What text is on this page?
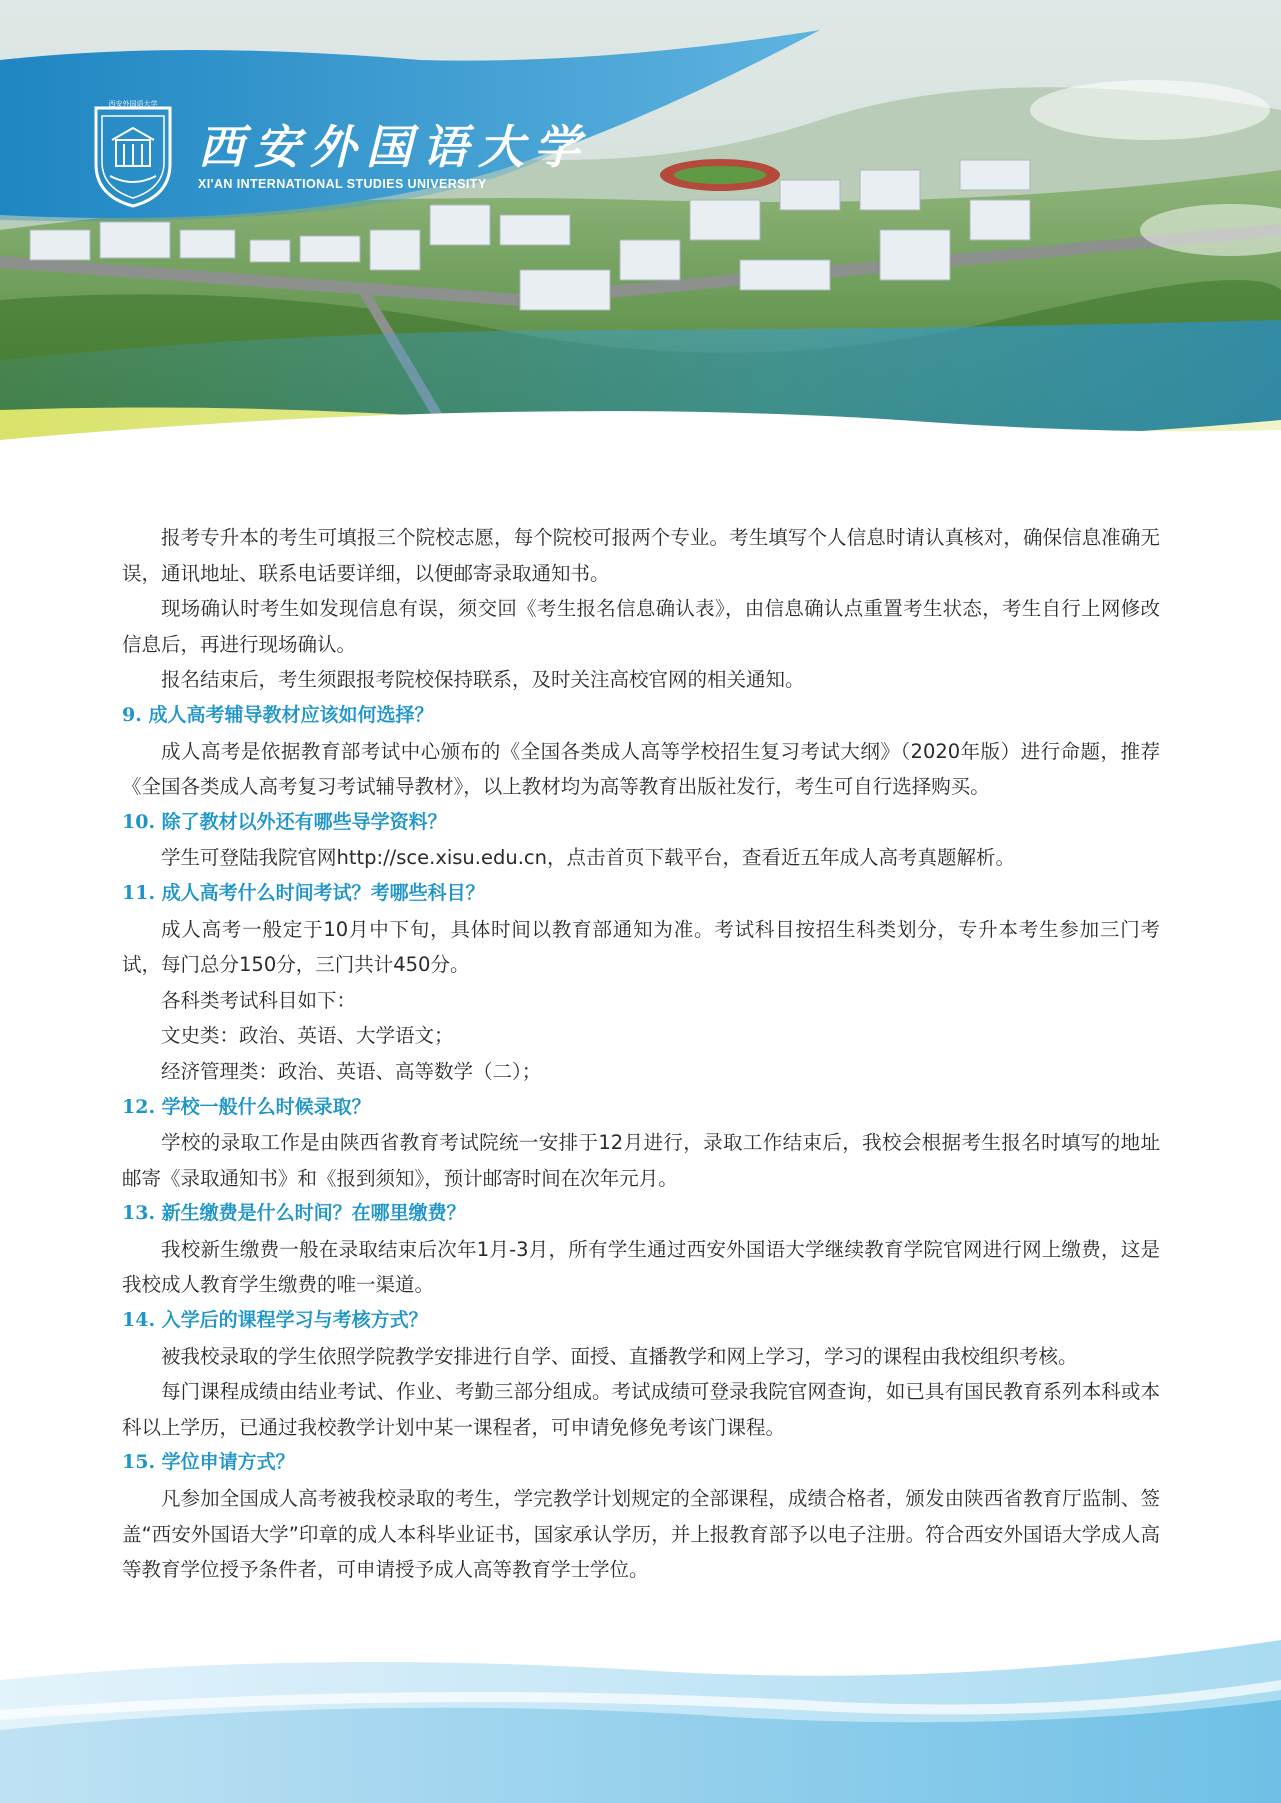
西安外国语大学
西安外国语大学
XI'AN INTERNATIONAL STUDIES UNIVERSITY

报考专升本的考生可填报三个院校志愿，每个院校可报两个专业。考生填写个人信息时请认真核对，确保信息准确无误，通讯地址、联系电话要详细，以便邮寄录取通知书。

现场确认时考生如发现信息有误，须交回《考生报名信息确认表》，由信息确认点重置考生状态，考生自行上网修改信息后，再进行现场确认。

报名结束后，考生须跟报考院校保持联系，及时关注高校官网的相关通知。

9. 成人高考辅导教材应该如何选择？

成人高考是依据教育部考试中心颁布的《全国各类成人高等学校招生复习考试大纲》（2020年版）进行命题，推荐《全国各类成人高考复习考试辅导教材》，以上教材均为高等教育出版社发行，考生可自行选择购买。

10. 除了教材以外还有哪些导学资料？

学生可登陆我院官网http://sce.xisu.edu.cn，点击首页下载平台，查看近五年成人高考真题解析。

11. 成人高考什么时间考试？考哪些科目？

成人高考一般定于10月中下旬，具体时间以教育部通知为准。考试科目按招生科类划分，专升本考生参加三门考试，每门总分150分，三门共计450分。

各科类考试科目如下：

文史类：政治、英语、大学语文；

经济管理类：政治、英语、高等数学（二）；

12. 学校一般什么时候录取？

学校的录取工作是由陕西省教育考试院统一安排于12月进行，录取工作结束后，我校会根据考生报名时填写的地址邮寄《录取通知书》和《报到须知》，预计邮寄时间在次年元月。

13. 新生缴费是什么时间？在哪里缴费？

我校新生缴费一般在录取结束后次年1月-3月，所有学生通过西安外国语大学继续教育学院官网进行网上缴费，这是我校成人教育学生缴费的唯一渠道。

14. 入学后的课程学习与考核方式？

被我校录取的学生依照学院教学安排进行自学、面授、直播教学和网上学习，学习的课程由我校组织考核。

每门课程成绩由结业考试、作业、考勤三部分组成。考试成绩可登录我院官网查询，如已具有国民教育系列本科或本科以上学历，已通过我校教学计划中某一课程者，可申请免修免考该门课程。

15. 学位申请方式？

凡参加全国成人高考被我校录取的考生，学完教学计划规定的全部课程，成绩合格者，颁发由陕西省教育厅监制、签盖“西安外国语大学”印章的成人本科毕业证书，国家承认学历，并上报教育部予以电子注册。符合西安外国语大学成人高等教育学位授予条件者，可申请授予成人高等教育学士学位。
